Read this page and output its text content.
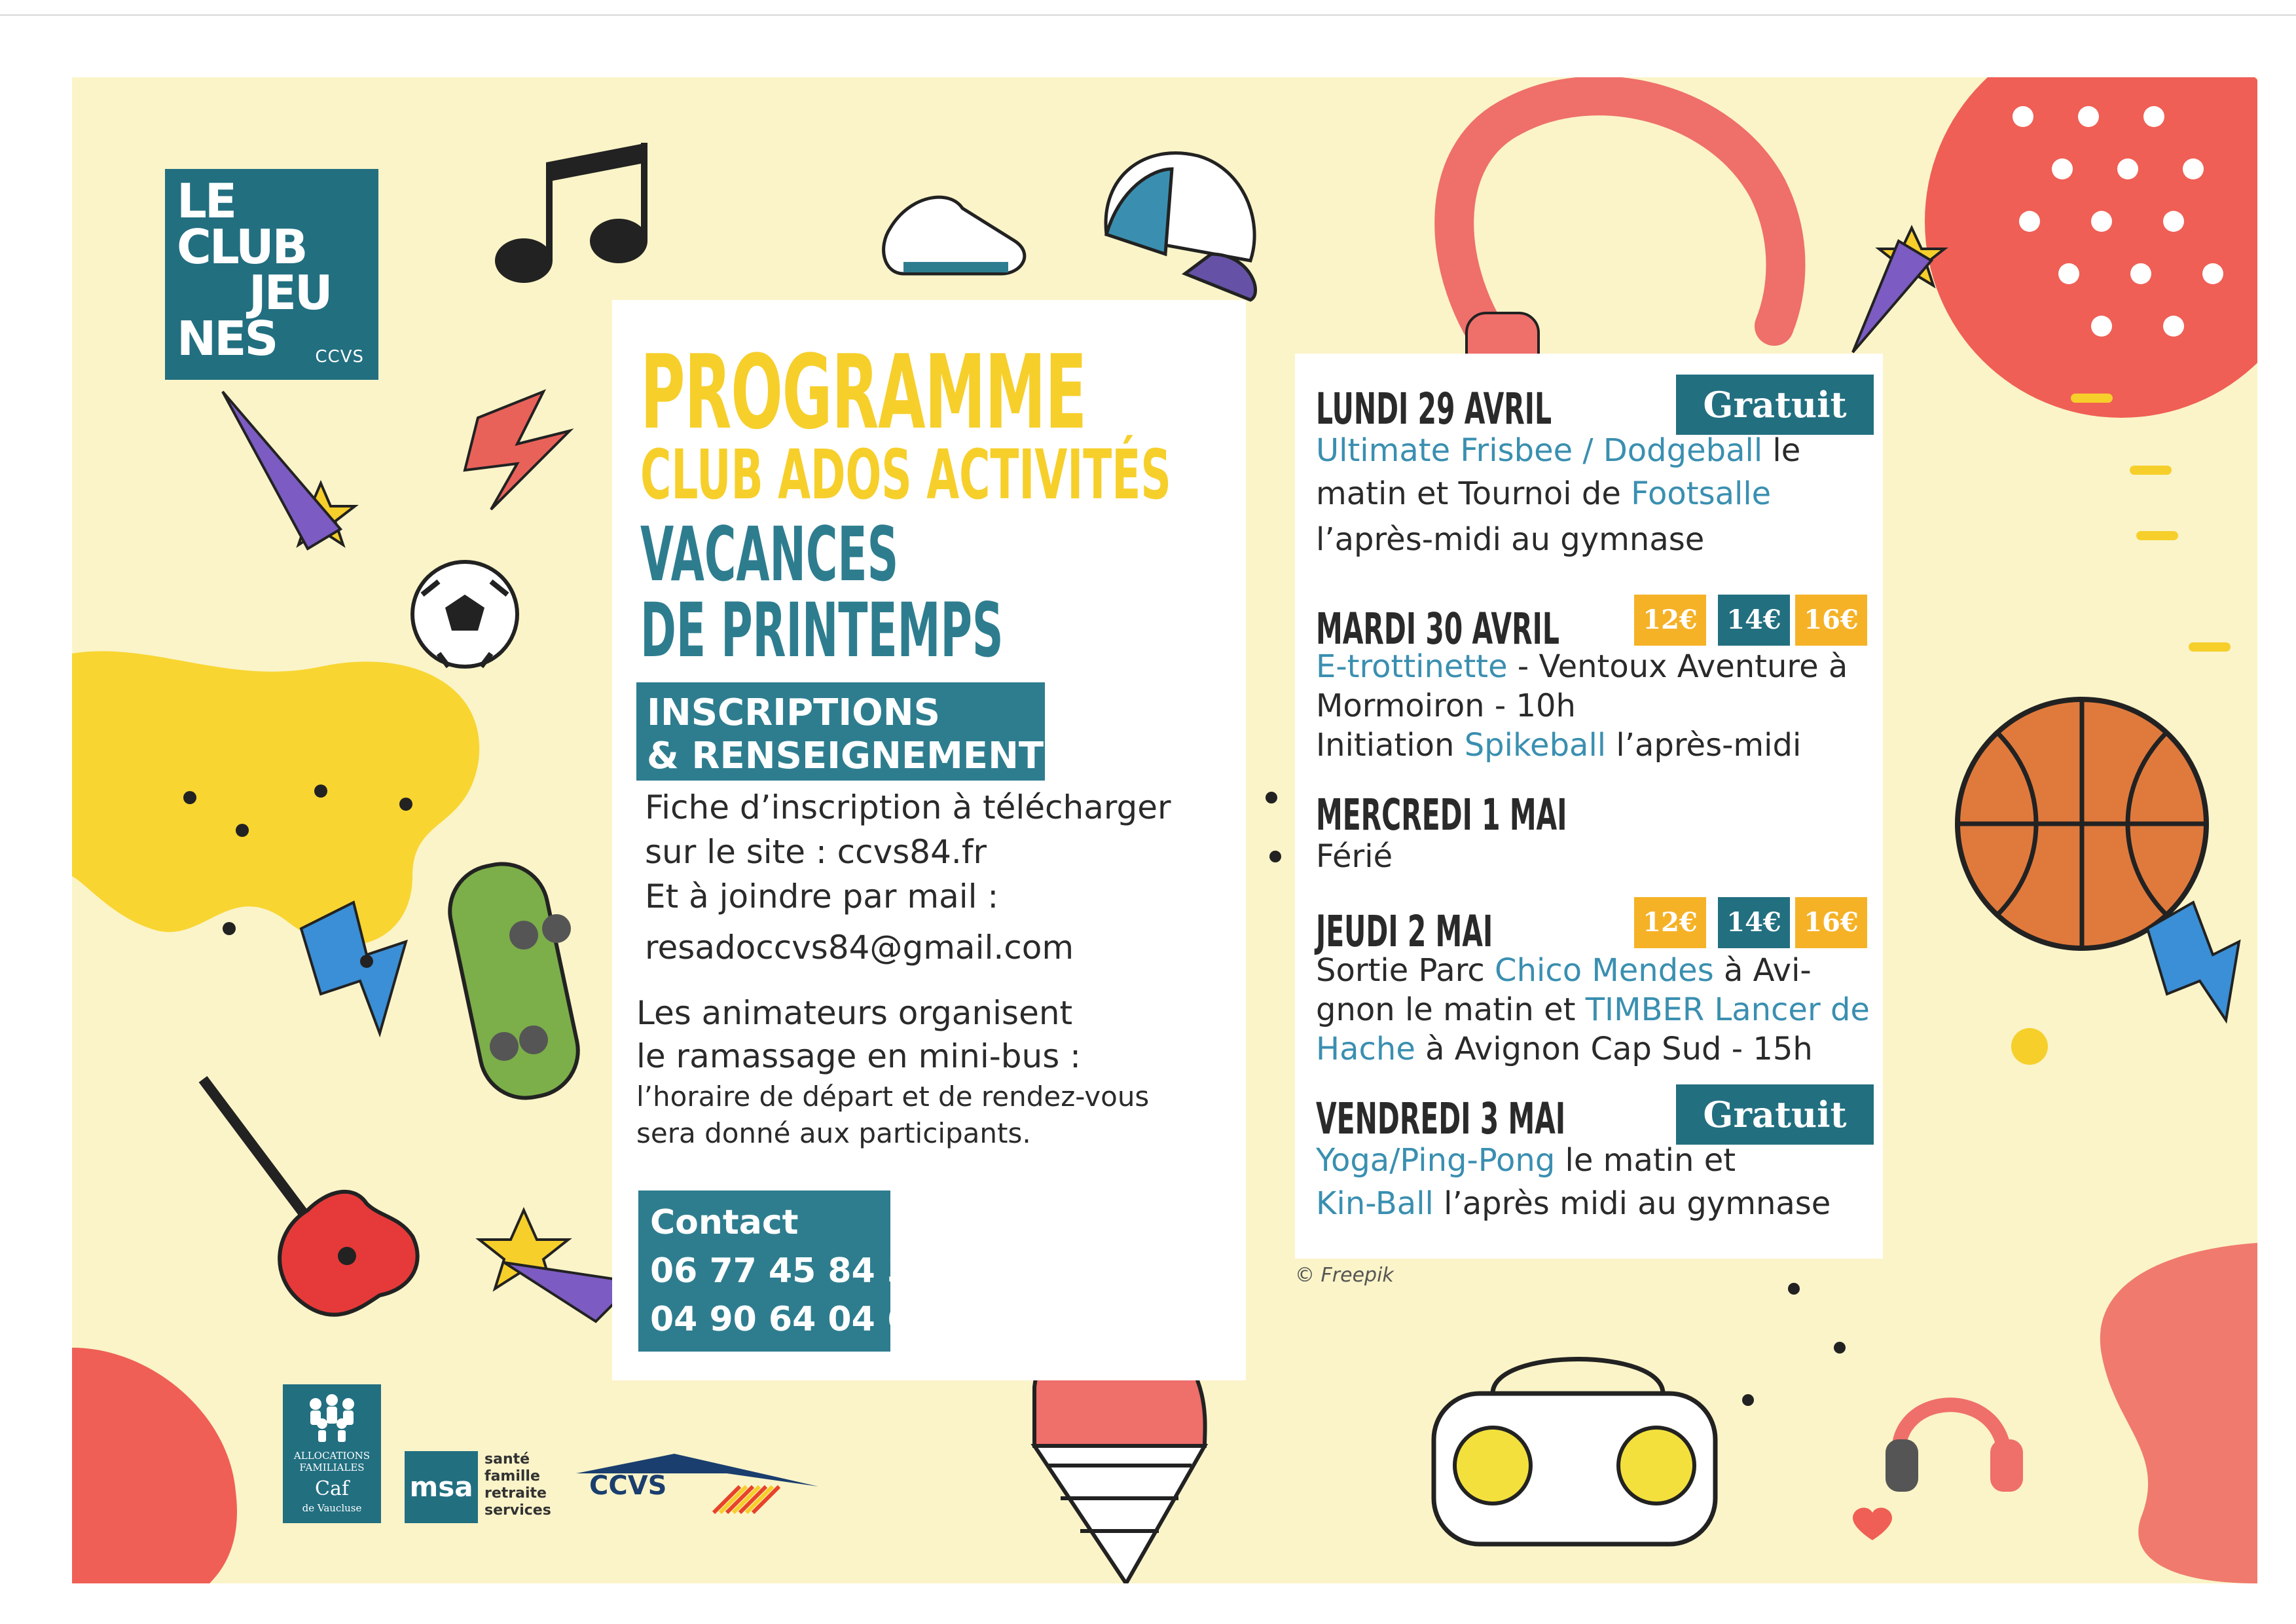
LE
CLUB
JEU
NES	CCVS	PROGRAMME
CLUB ADOS ACTIVITÉS
VACANCES
DE PRINTEMPS
INSCRIPTIONS
& RENSEIGNEMENTS
Fiche d’inscription à télécharger
sur le site : ccvs84.fr
Et à joindre par mail :
resadoccvs84@gmail.com
Les animateurs organisent
le ramassage en mini-bus :
l’horaire de départ et de rendez-vous
sera donné aux participants.
Contact
06 77 45 84 36
04 90 64 04 68
LUNDI 29 AVRIL	Gratuit
Ultimate Frisbee / Dodgeball le
matin et Tournoi de Footsalle
l’après-midi au gymnase
MARDI 30 AVRIL	12€	14€ 16€
E-trottinette - Ventoux Aventure à
Mormoiron - 10h
Initiation Spikeball l’après-midi
MERCREDI 1 MAI
Férié
JEUDI 2 MAI	12€	14€ 16€
Sortie Parc Chico Mendes à Avi-
gnon le matin et TIMBER Lancer de
Hache à Avignon Cap Sud - 15h
VENDREDI 3 MAI	Gratuit
Yoga/Ping-Pong le matin et
Kin-Ball l’après midi au gymnase
© Freepik
ALLOCATIONS
FAMILIALES
Caf
de Vaucluse
msa
santé
famille
retraite
services
CCVS
